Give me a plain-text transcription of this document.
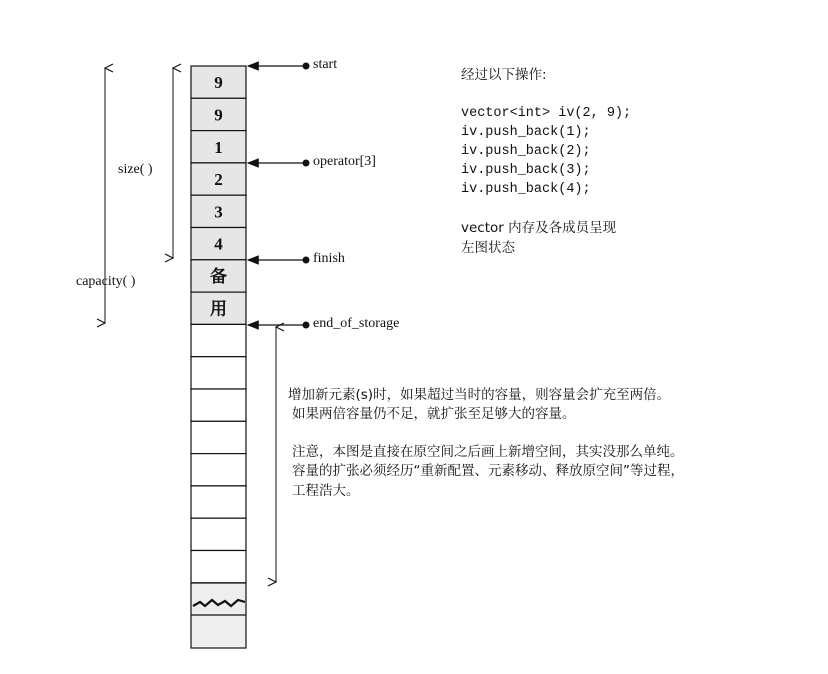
9
9
1
2
3
4
备
用
start
operator[3]
finish
end_of_storage
size( )
capacity( )
经过以下操作:
vector<int> iv(2, 9);
iv.push_back(1);
iv.push_back(2);
iv.push_back(3);
iv.push_back(4);
vector 内存及各成员呈现
左图状态
增加新元素(s)时，如果超过当时的容量，则容量会扩充至两倍。
如果两倍容量仍不足，就扩张至足够大的容量。
注意，本图是直接在原空间之后画上新增空间，其实没那么单纯。
容量的扩张必须经历“重新配置、元素移动、释放原空间”等过程，
工程浩大。
